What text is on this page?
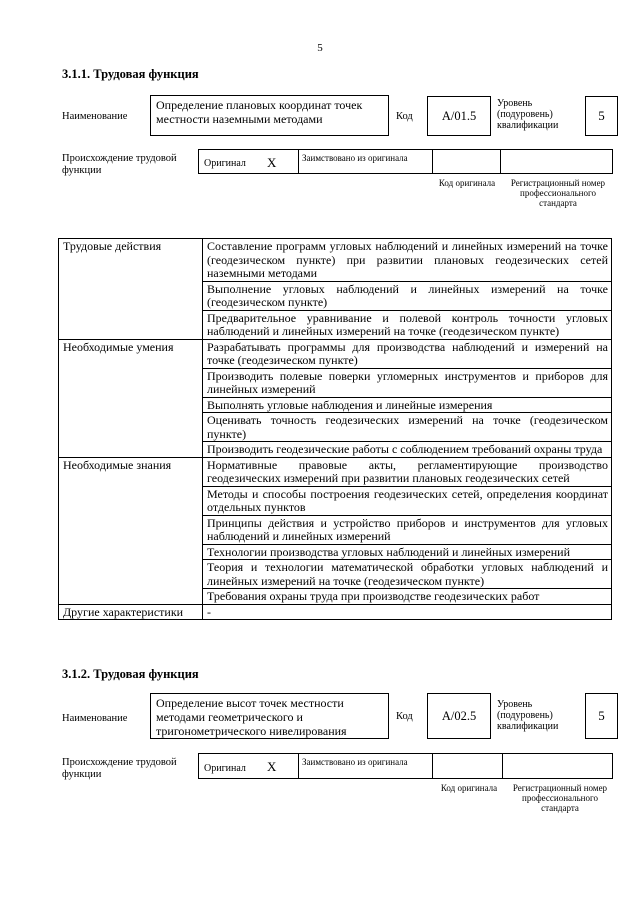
5
3.1.1. Трудовая функция
Наименование
Определение плановых координат точек местности наземными методами	Код А/01.5
Уровень (подуровень) квалификации
5
Происхождение трудовой функции
Оригинал Х	Заимствовано из оригинала
Код оригинала	Регистрационный номер профессионального стандарта
Трудовые действия	Составление программ угловых наблюдений и линейных измерений на точке (геодезическом пункте) при развитии плановых геодезических сетей наземными методами
	Выполнение угловых наблюдений и линейных измерений на точке (геодезическом пункте)
	Предварительное уравнивание и полевой контроль точности угловых наблюдений и линейных измерений на точке (геодезическом пункте)
Необходимые умения	Разрабатывать программы для производства наблюдений и измерений на точке (геодезическом пункте)
	Производить полевые поверки угломерных инструментов и приборов для линейных измерений
	Выполнять угловые наблюдения и линейные измерения
	Оценивать точность геодезических измерений на точке (геодезическом пункте)
	Производить геодезические работы с соблюдением требований охраны труда
Необходимые знания	Нормативные правовые акты, регламентирующие производство геодезических измерений при развитии плановых геодезических сетей
	Методы и способы построения геодезических сетей, определения координат отдельных пунктов
	Принципы действия и устройство приборов и инструментов для угловых наблюдений и линейных измерений
	Технологии производства угловых наблюдений и линейных измерений
	Теория и технологии математической обработки угловых наблюдений и линейных измерений на точке (геодезическом пункте)
	Требования охраны труда при производстве геодезических работ
Другие характеристики	-
3.1.2. Трудовая функция
Наименование
Определение высот точек местности методами геометрического и тригонометрического нивелирования
Код А/02.5
Уровень (подуровень) квалификации
5
Происхождение трудовой функции
Оригинал Х	Заимствовано из оригинала
Код оригинала	Регистрационный номер профессионального стандарта
